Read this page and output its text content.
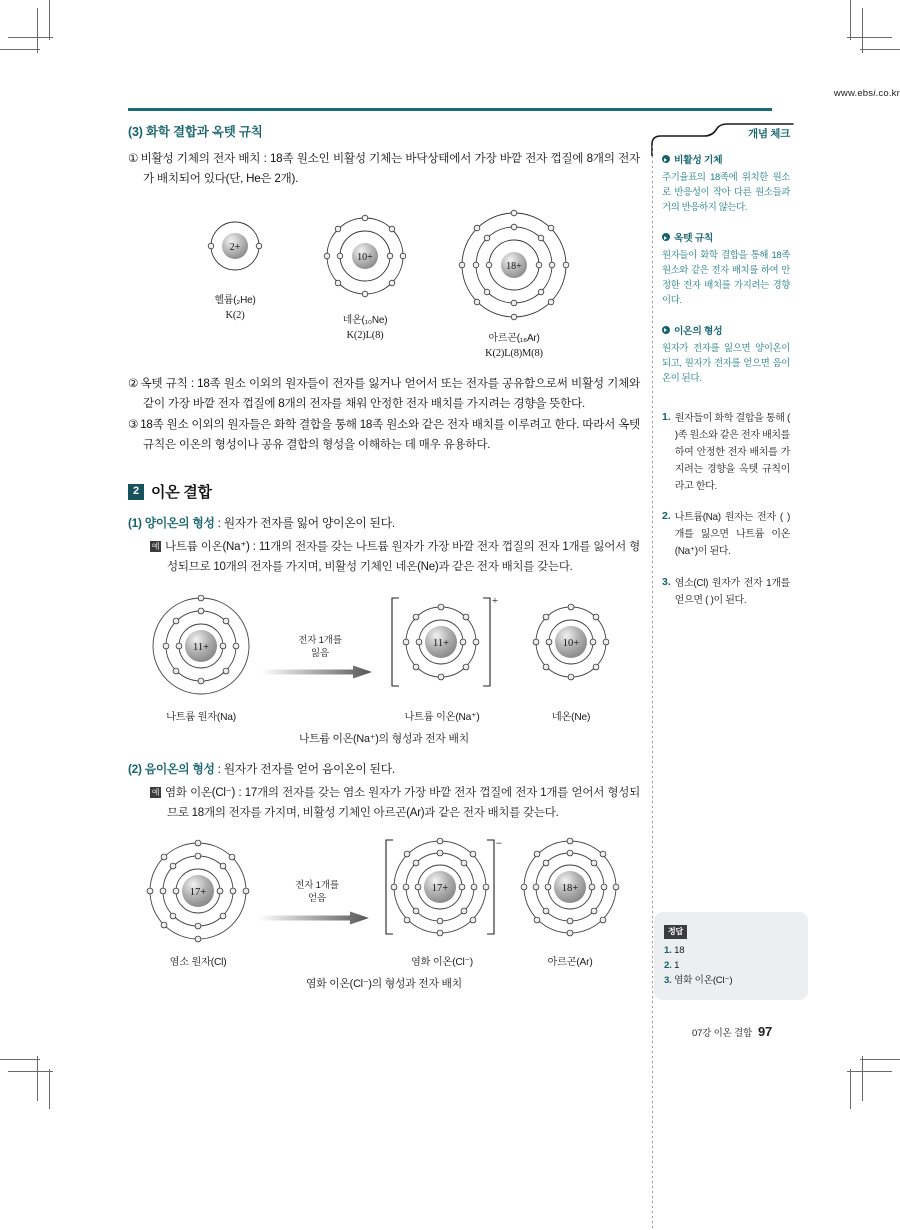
www.ebsi.co.kr
(3) 화학 결합과 옥텟 규칙
① 비활성 기체의 전자 배치 : 18족 원소인 비활성 기체는 바닥상태에서 가장 바깥 전자 껍질에 8개의 전자가 배치되어 있다(단, He은 2개).
2+
헬륨(₂He)
K(2)
10+
네온(₁₀Ne)
K(2)L(8)
18+
아르곤(₁₈Ar)
K(2)L(8)M(8)
② 옥텟 규칙 : 18족 원소 이외의 원자들이 전자를 잃거나 얻어서 또는 전자를 공유함으로써 비활성 기체와 같이 가장 바깥 전자 껍질에 8개의 전자를 채워 안정한 전자 배치를 가지려는 경향을 뜻한다.
③ 18족 원소 이외의 원자들은 화학 결합을 통해 18족 원소와 같은 전자 배치를 이루려고 한다. 따라서 옥텟 규칙은 이온의 형성이나 공유 결합의 형성을 이해하는 데 매우 유용하다.
2 이온 결합
(1) 양이온의 형성 : 원자가 전자를 잃어 양이온이 된다.
예 나트륨 이온(Na⁺) : 11개의 전자를 갖는 나트륨 원자가 가장 바깥 전자 껍질의 전자 1개를 잃어서 형성되므로 10개의 전자를 가지며, 비활성 기체인 네온(Ne)과 같은 전자 배치를 갖는다.
11+
나트륨 원자(Na)
전자 1개를
잃음
+
11+
나트륨 이온(Na⁺)
10+
네온(Ne)
나트륨 이온(Na⁺)의 형성과 전자 배치
(2) 음이온의 형성 : 원자가 전자를 얻어 음이온이 된다.
예 염화 이온(Cl⁻) : 17개의 전자를 갖는 염소 원자가 가장 바깥 전자 껍질에 전자 1개를 얻어서 형성되므로 18개의 전자를 가지며, 비활성 기체인 아르곤(Ar)과 같은 전자 배치를 갖는다.
17+
염소 원자(Cl)
전자 1개를
얻음
−
17+
염화 이온(Cl⁻)
18+
아르곤(Ar)
염화 이온(Cl⁻)의 형성과 전자 배치
개념 체크
비활성 기체
주기율표의 18족에 위치한 원소로 반응성이 작아 다른 원소들과 거의 반응하지 않는다.
옥텟 규칙
원자들이 화학 결합을 통해 18족 원소와 같은 전자 배치를 하여 안정한 전자 배치를 가지려는 경향이다.
이온의 형성
원자가 전자를 잃으면 양이온이 되고, 원자가 전자를 얻으면 음이온이 된다.
1. 원자들이 화학 결합을 통해 ( )족 원소와 같은 전자 배치를 하여 안정한 전자 배치를 가지려는 경향을 옥텟 규칙이라고 한다.
2. 나트륨(Na) 원자는 전자 ( )개를 잃으면 나트륨 이온(Na⁺)이 된다.
3. 염소(Cl) 원자가 전자 1개를 얻으면 ( )이 된다.
정답
1. 18
2. 1
3. 염화 이온(Cl⁻)
07강 이온 결합 97
